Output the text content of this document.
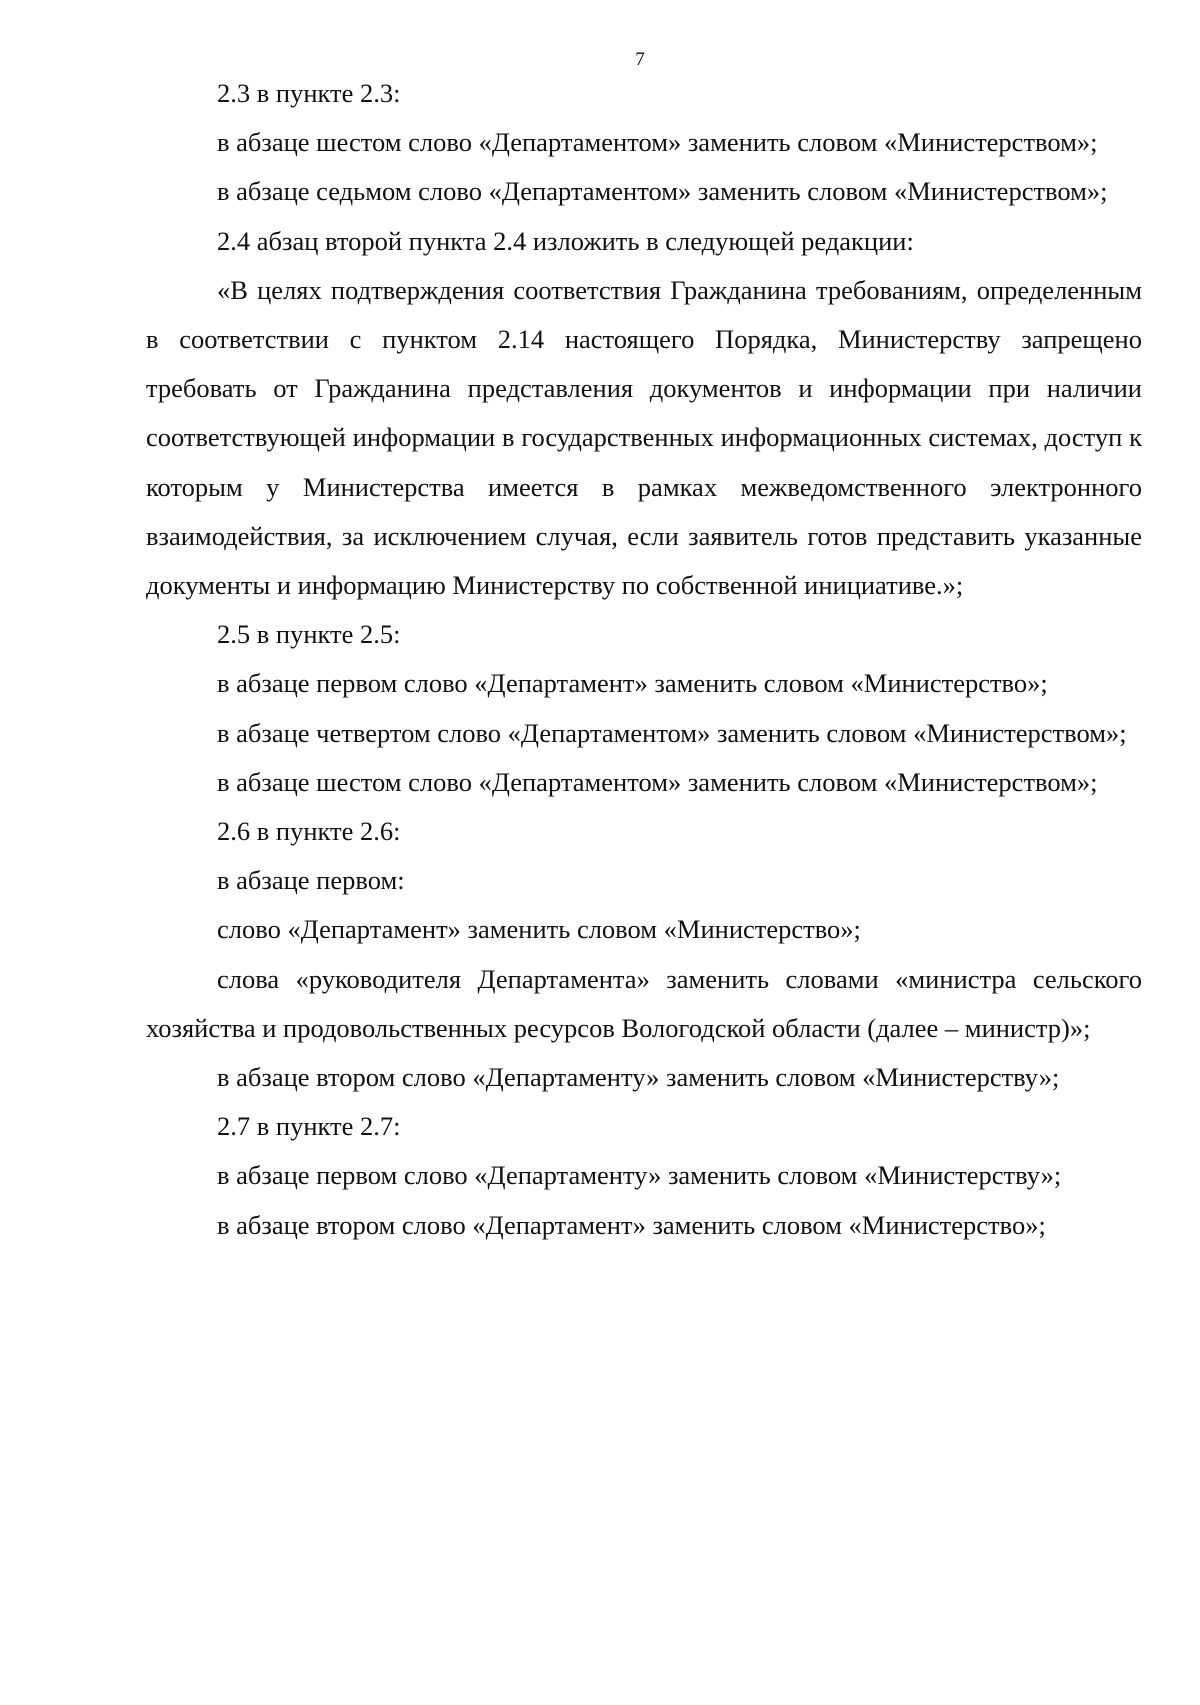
7

2.3 в пункте 2.3:

в абзаце шестом слово «Департаментом» заменить словом «Министерством»;

в абзаце седьмом слово «Департаментом» заменить словом «Министерством»;

2.4 абзац второй пункта 2.4 изложить в следующей редакции:

«В целях подтверждения соответствия Гражданина требованиям, определенным в соответствии с пунктом 2.14 настоящего Порядка, Министерству запрещено требовать от Гражданина представления документов и информации при наличии соответствующей информации в государственных информационных системах, доступ к которым у Министерства имеется в рамках межведомственного электронного взаимодействия, за исключением случая, если заявитель готов представить указанные документы и информацию Министерству по собственной инициативе.»;

2.5 в пункте 2.5:

в абзаце первом слово «Департамент» заменить словом «Министерство»;

в абзаце четвертом слово «Департаментом» заменить словом «Министерством»;

в абзаце шестом слово «Департаментом» заменить словом «Министерством»;

2.6 в пункте 2.6:

в абзаце первом:

слово «Департамент» заменить словом «Министерство»;

слова «руководителя Департамента» заменить словами «министра сельского хозяйства и продовольственных ресурсов Вологодской области (далее – министр)»;

в абзаце втором слово «Департаменту» заменить словом «Министерству»;

2.7 в пункте 2.7:

в абзаце первом слово «Департаменту» заменить словом «Министерству»;

в абзаце втором слово «Департамент» заменить словом «Министерство»;
